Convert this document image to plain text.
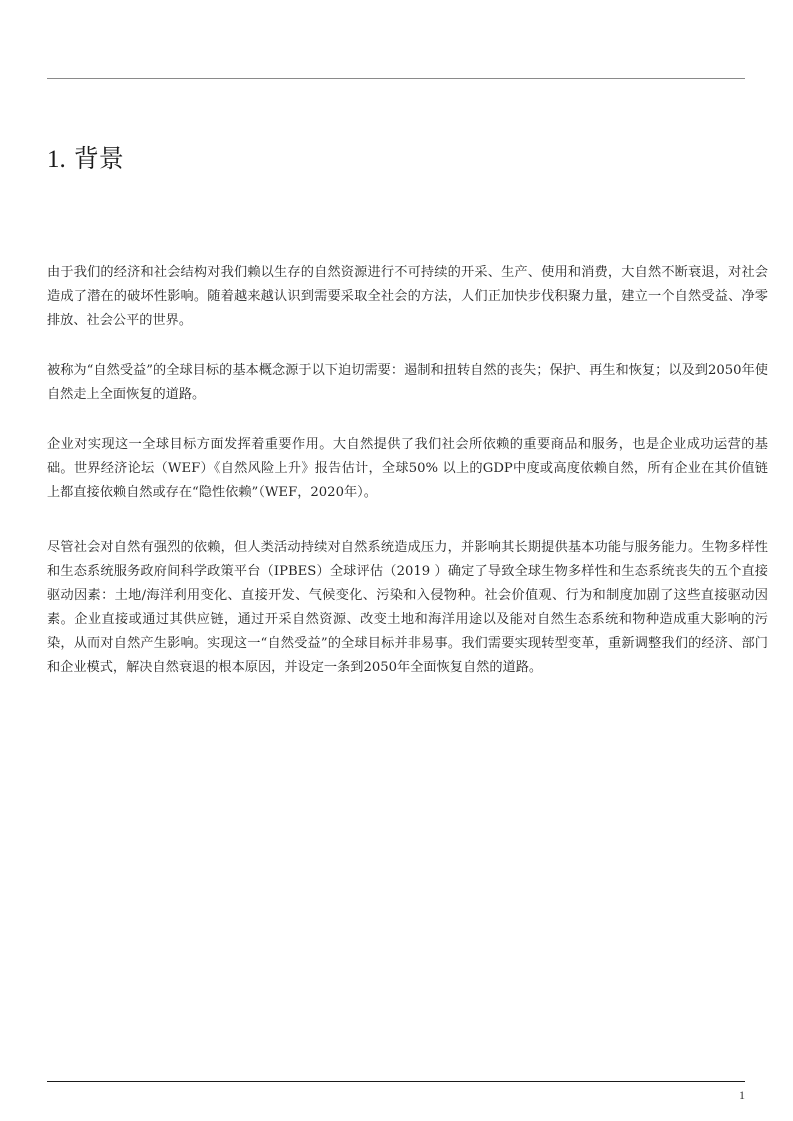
1. 背景

由于我们的经济和社会结构对我们赖以生存的自然资源进行不可持续的开采、生产、使用和消费，大自然不断衰退，对社会造成了潜在的破坏性影响。随着越来越认识到需要采取全社会的方法，人们正加快步伐积聚力量，建立一个自然受益、净零排放、社会公平的世界。

被称为“自然受益”的全球目标的基本概念源于以下迫切需要：遏制和扭转自然的丧失；保护、再生和恢复；以及到2050年使自然走上全面恢复的道路。

企业对实现这一全球目标方面发挥着重要作用。大自然提供了我们社会所依赖的重要商品和服务，也是企业成功运营的基础。世界经济论坛（WEF）《自然风险上升》报告估计，全球50% 以上的GDP中度或高度依赖自然，所有企业在其价值链上都直接依赖自然或存在“隐性依赖”（WEF，2020年）。

尽管社会对自然有强烈的依赖，但人类活动持续对自然系统造成压力，并影响其长期提供基本功能与服务能力。生物多样性和生态系统服务政府间科学政策平台（IPBES）全球评估（2019 ）确定了导致全球生物多样性和生态系统丧失的五个直接驱动因素：土地/海洋利用变化、直接开发、气候变化、污染和入侵物种。社会价值观、行为和制度加剧了这些直接驱动因素。企业直接或通过其供应链，通过开采自然资源、改变土地和海洋用途以及能对自然生态系统和物种造成重大影响的污染，从而对自然产生影响。实现这一“自然受益”的全球目标并非易事。我们需要实现转型变革，重新调整我们的经济、部门和企业模式，解决自然衰退的根本原因，并设定一条到2050年全面恢复自然的道路。

1
